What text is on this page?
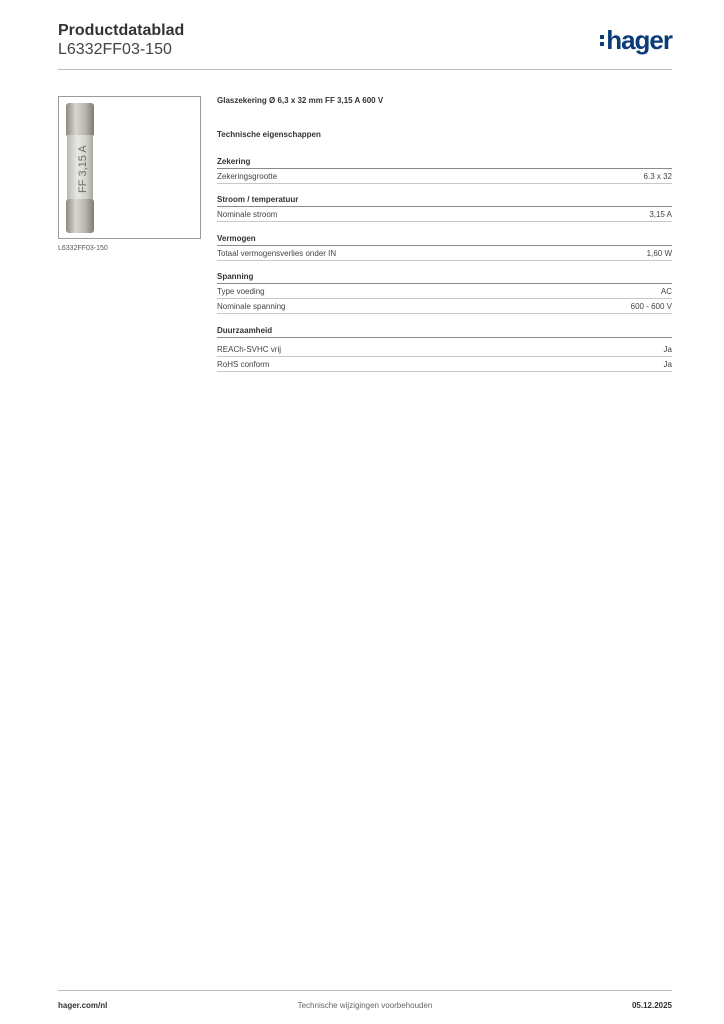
Productdatablad
L6332FF03-150	hager
FF 3,15 A
L6332FF03-150
Glaszekering Ø 6,3 x 32 mm FF 3,15 A 600 V
Technische eigenschappen
Zekering
Zekeringsgrootte	6.3 x 32
Stroom / temperatuur
Nominale stroom	3,15 A
Vermogen
Totaal vermogensverlies onder IN	1,60 W
Spanning
Type voeding	AC
Nominale spanning	600 - 600 V
Duurzaamheid
REACh-SVHC vrij	Ja
RoHS conform	Ja
Technische wijzigingen voorbehouden
hager.com/nl	05.12.2025
